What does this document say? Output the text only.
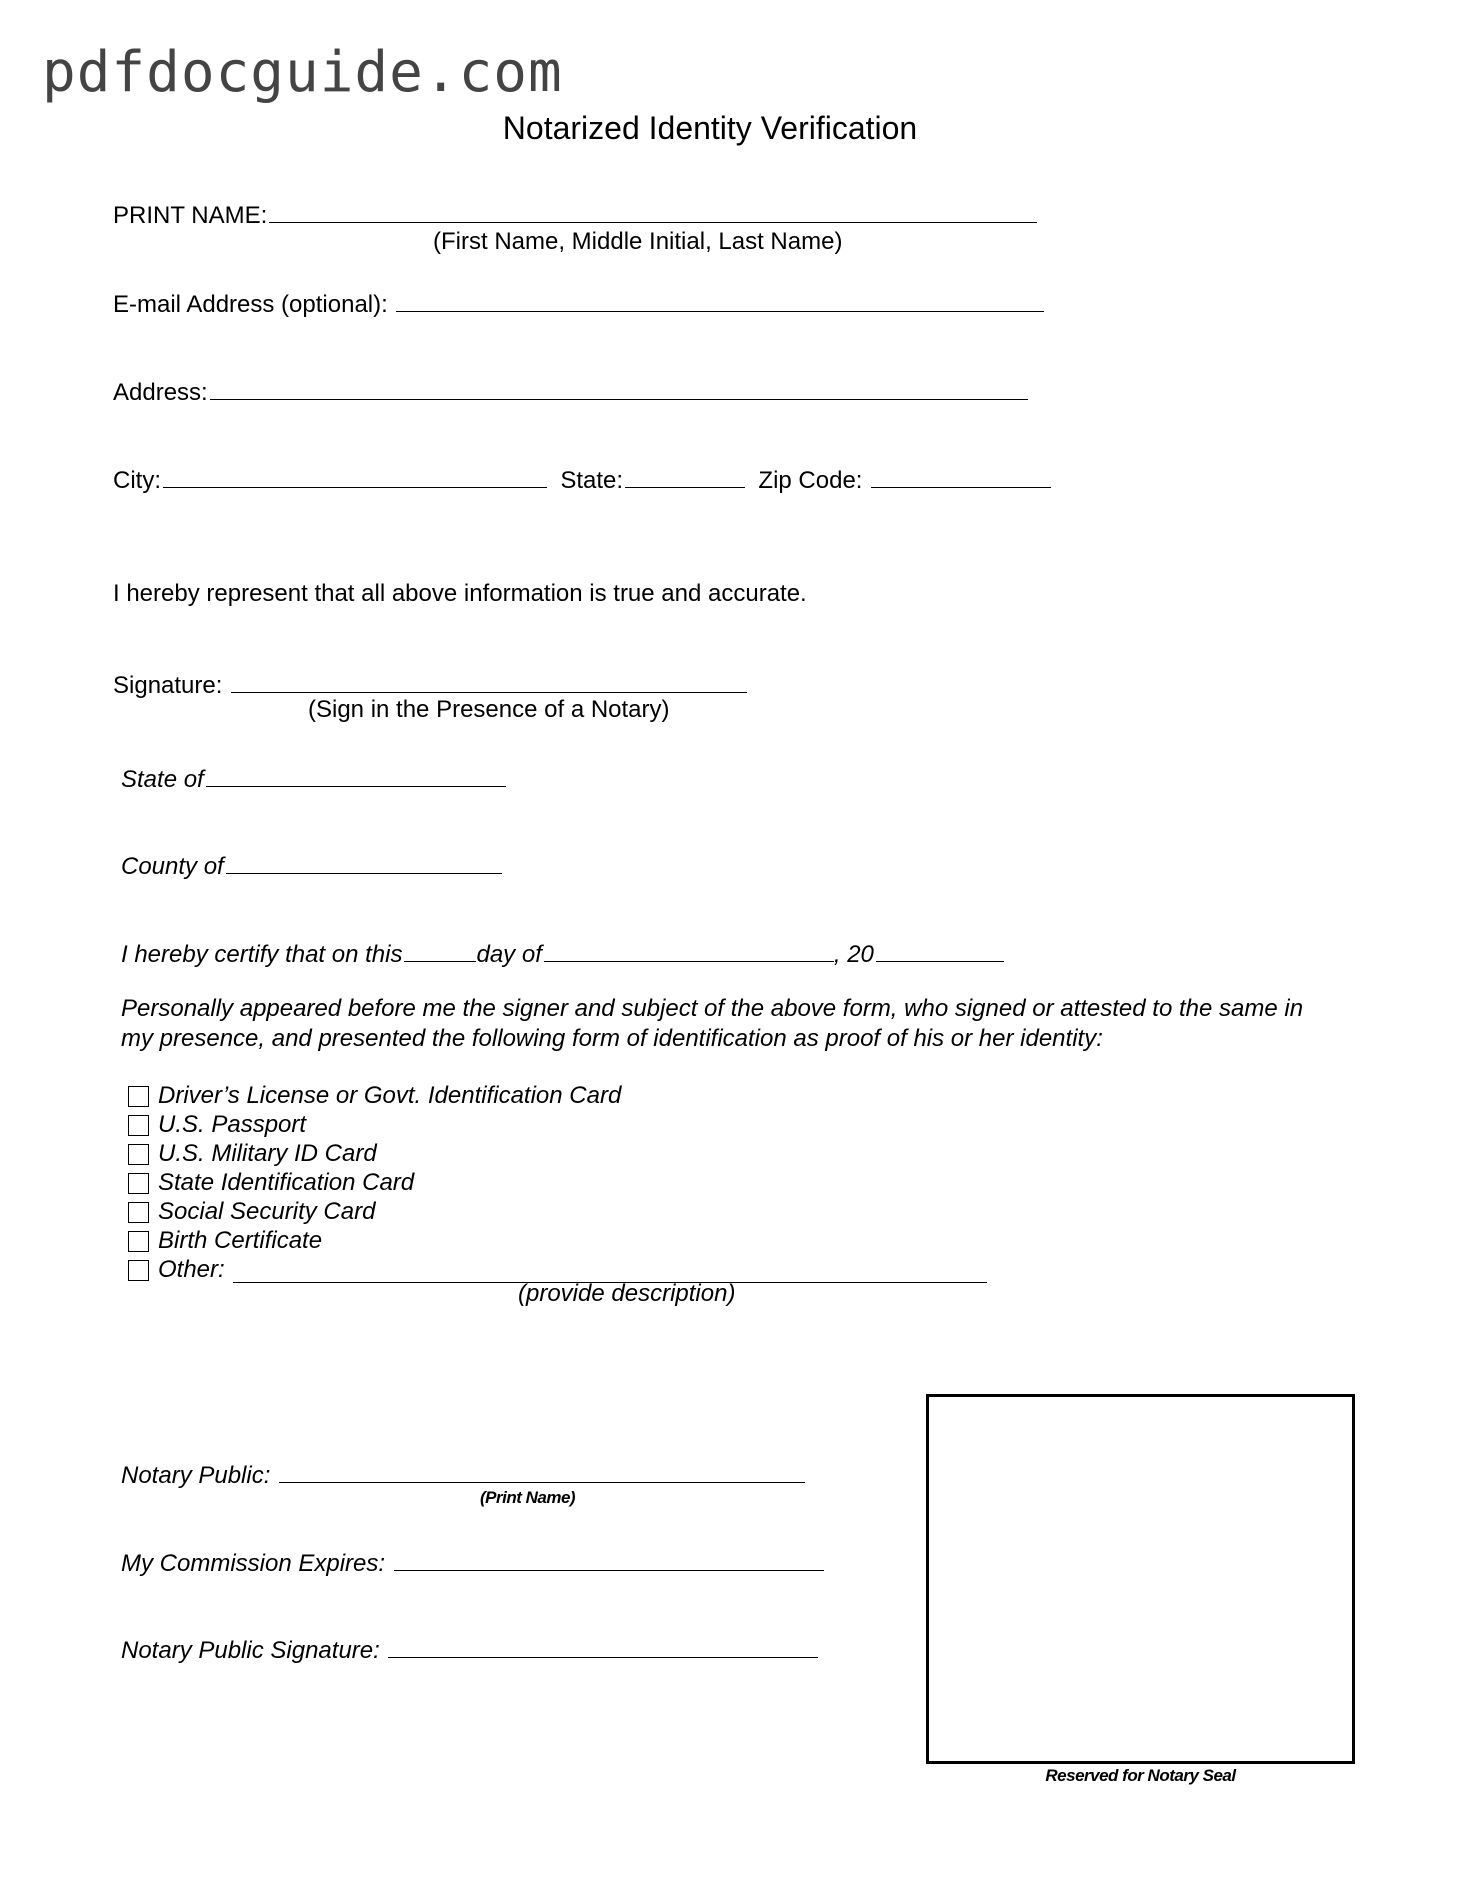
pdfdocguide.com
Notarized Identity Verification
PRINT NAME:
(First Name, Middle Initial, Last Name)
E-mail Address (optional):
Address:
City:	State:	Zip Code:
I hereby represent that all above information is true and accurate.
Signature:
(Sign in the Presence of a Notary)
State of
County of
I hereby certify that on this	day of	, 20
Personally appeared before me the signer and subject of the above form, who signed or attested to the same in
my presence, and presented the following form of identification as proof of his or her identity:
Driver’s License or Govt. Identification Card
U.S. Passport
U.S. Military ID Card
State Identification Card
Social Security Card
Birth Certificate
Other:

(provide description)
Notary Public:
(Print Name)
My Commission Expires:
Notary Public Signature:
Reserved for Notary Seal
